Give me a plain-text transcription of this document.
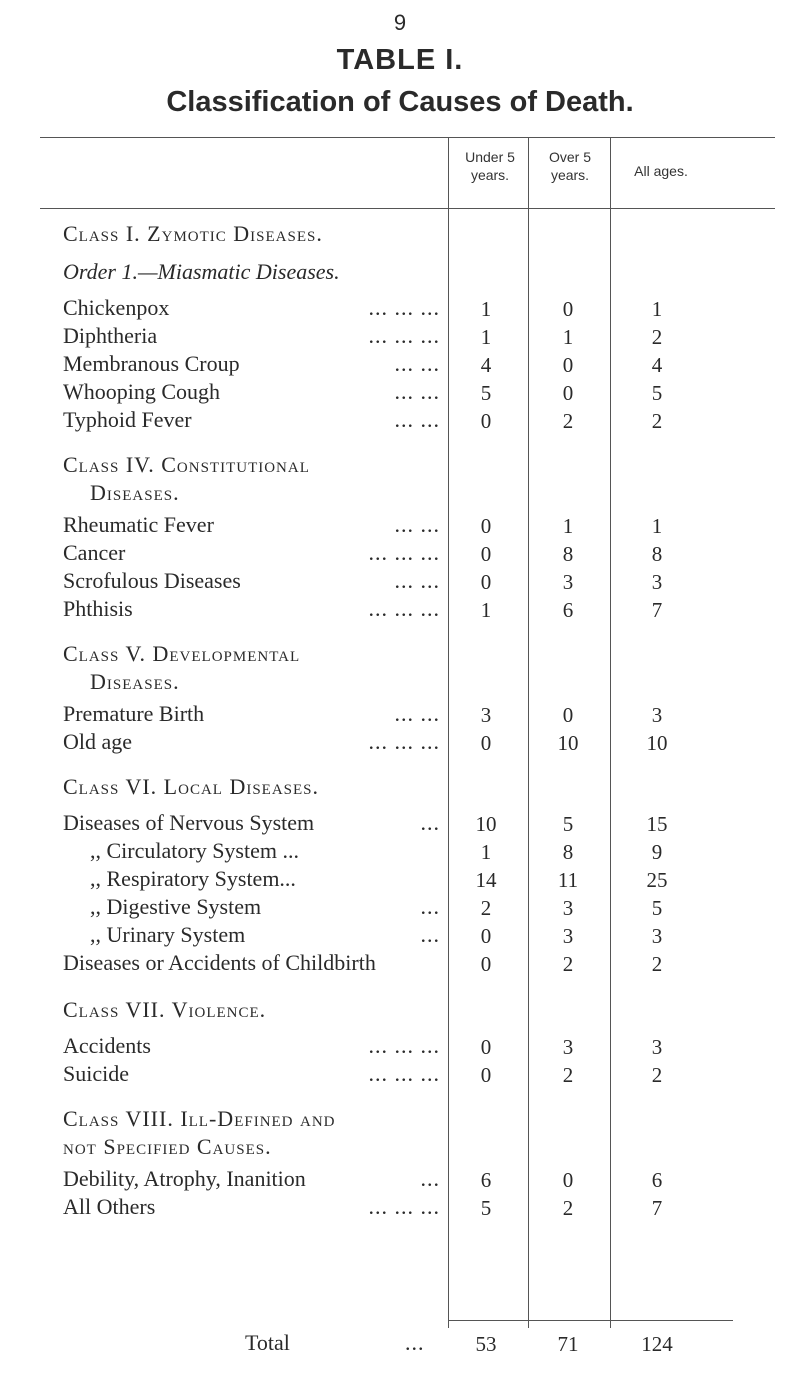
9
TABLE I.
Classification of Causes of Death.
Under 5 years.
Over 5 years.	All ages.
Class I. Zymotic Diseases.
Order 1.—Miasmatic Diseases.
Chickenpox	... ... ...	1	0	1
Diphtheria	... ... ...	1	1	2
Membranous Croup	... ...	4	0	4
Whooping Cough	... ...	5	0	5
Typhoid Fever	... ...	0	2	2
Class IV. Constitutional
Diseases.
Rheumatic Fever	... ...	0	1	1
Cancer	... ... ...	0	8	8
Scrofulous Diseases	... ...	0	3	3
Phthisis	... ... ...	1	6	7
Class V. Developmental
Diseases.
Premature Birth	... ...	3	0	3
Old age	... ... ...	0	10	10
Class VI. Local Diseases.
Diseases of Nervous System	...	10	5	15
,, Circulatory System ...	1	8	9
,, Respiratory System...	14	11	25
,, Digestive System	...	2	3	5
,, Urinary System	...	0	3	3
Diseases or Accidents of Childbirth	0	2	2
Class VII. Violence.
Accidents	... ... ...	0	3	3
Suicide	... ... ...	0	2	2
Class VIII. Ill-Defined and
not Specified Causes.
Debility, Atrophy, Inanition	...	6	0	6
All Others	... ... ...	5	2	7
Total	...	53	71	124
